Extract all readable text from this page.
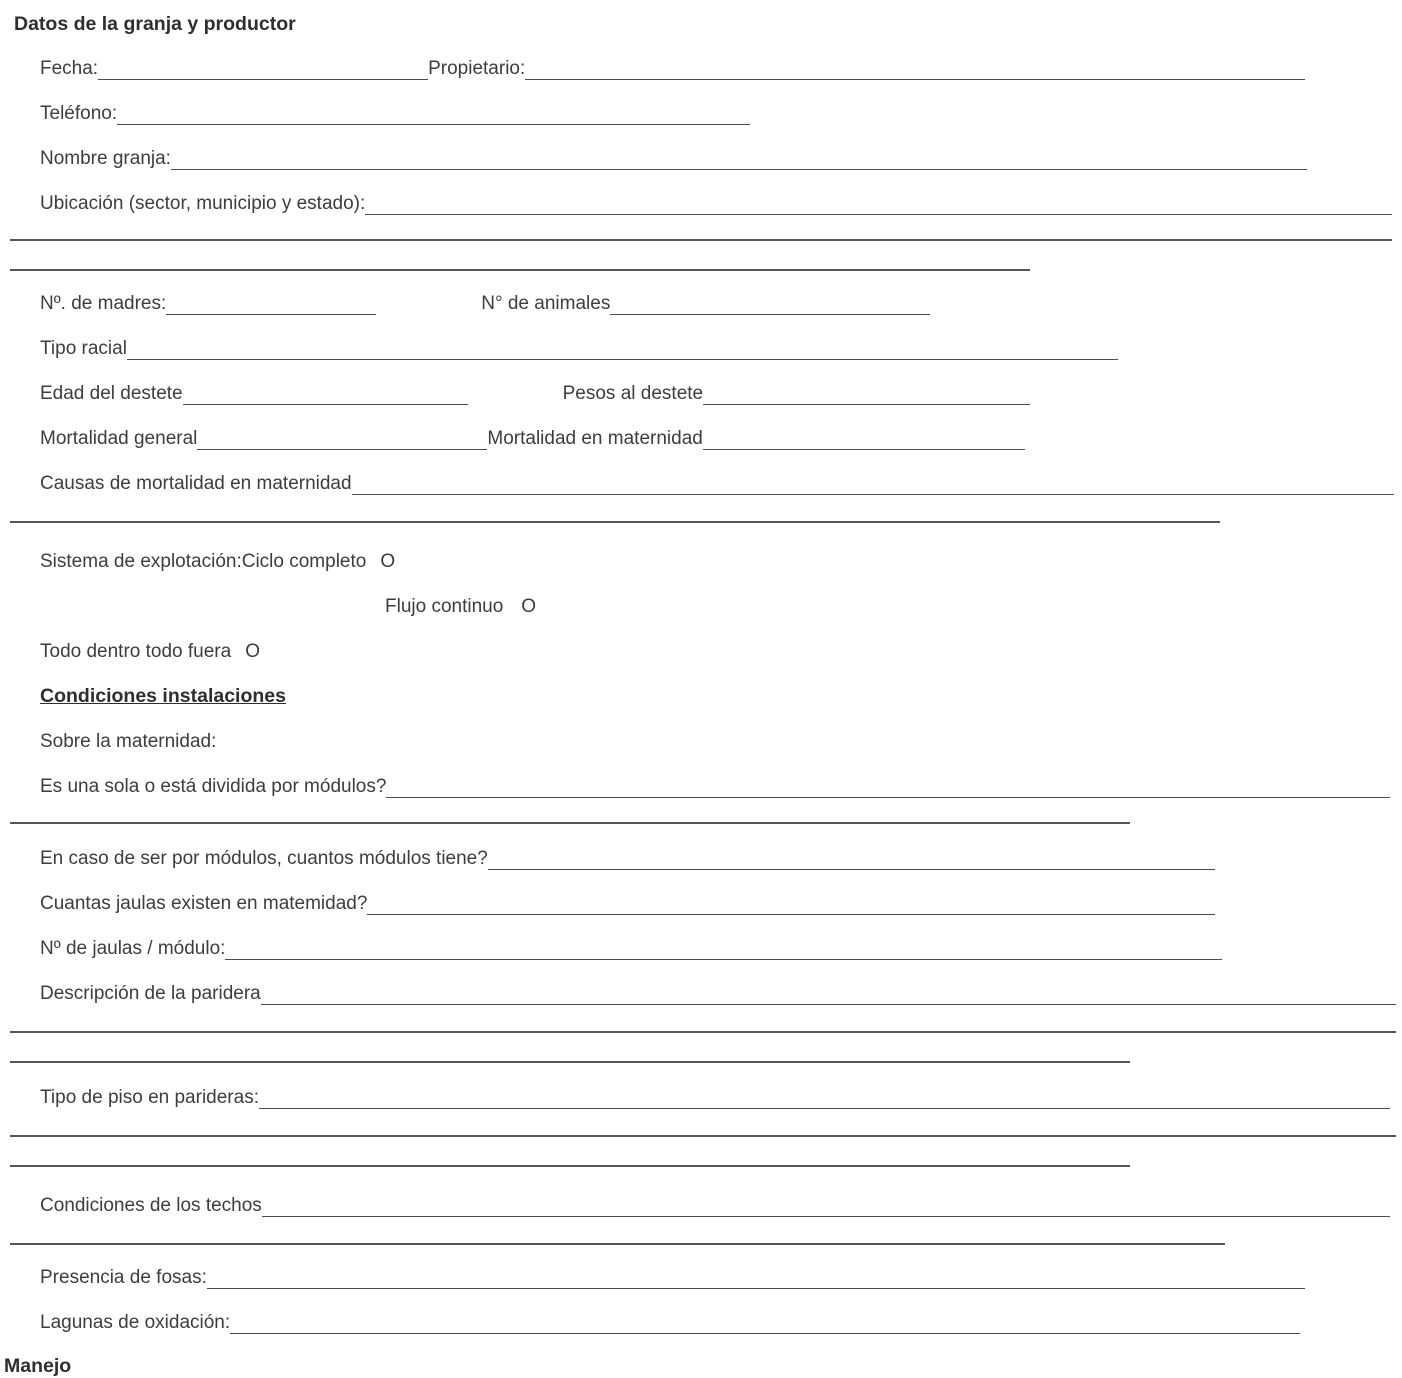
Datos de la granja y productor
Fecha:	Propietario:
Teléfono:
Nombre granja:
Ubicación (sector, municipio y estado):
Nº. de madres:	N° de animales
Tipo racial
Edad del destete	Pesos al destete
Mortalidad general	Mortalidad en maternidad
Causas de mortalidad en maternidad
Sistema de explotación: Ciclo completo O
Flujo continuo O
Todo dentro todo fuera O
Condiciones instalaciones
Sobre la maternidad:
Es una sola o está dividida por módulos?
En caso de ser por módulos, cuantos módulos tiene?
Cuantas jaulas existen en matemidad?
Nº de jaulas / módulo:
Descripción de la paridera
Tipo de piso en parideras:
Condiciones de los techos
Presencia de fosas:
Lagunas de oxidación:
Manejo
